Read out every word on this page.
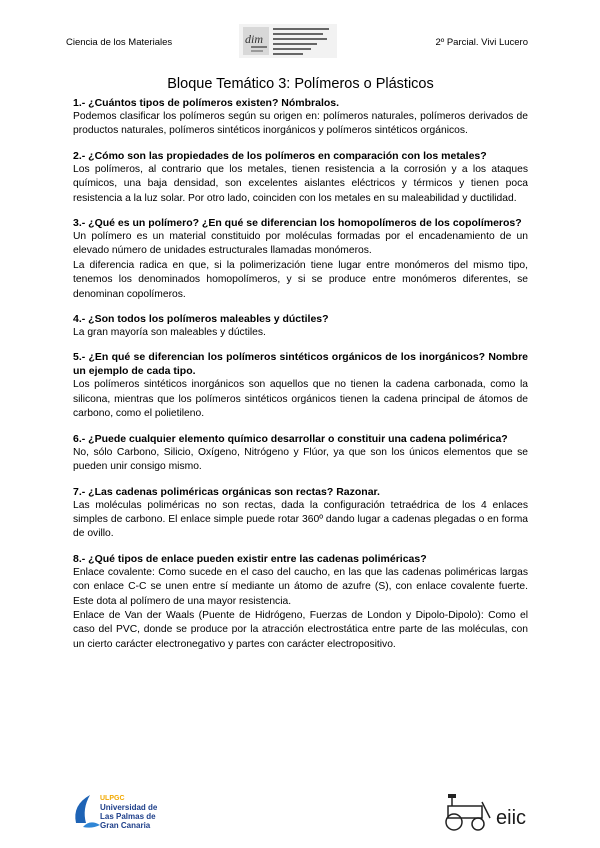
Ciencia de los Materiales	dim
Departamento de Ingeniería Mecánica
2º Parcial. Vivi Lucero
Bloque Temático 3: Polímeros o Plásticos

1.- ¿Cuántos tipos de polímeros existen? Nómbralos.

Podemos clasificar los polímeros según su origen en: polímeros naturales, polímeros derivados de productos naturales, polímeros sintéticos inorgánicos y polímeros sintéticos orgánicos.

2.- ¿Cómo son las propiedades de los polímeros en comparación con los metales?

Los polímeros, al contrario que los metales, tienen resistencia a la corrosión y a los ataques químicos, una baja densidad, son excelentes aislantes eléctricos y térmicos y tienen poca resistencia a la luz solar. Por otro lado, coinciden con los metales en su maleabilidad y ductilidad.

3.- ¿Qué es un polímero? ¿En qué se diferencian los homopolímeros de los copolímeros?

Un polímero es un material constituido por moléculas formadas por el encadenamiento de un elevado número de unidades estructurales llamadas monómeros.

La diferencia radica en que, si la polimerización tiene lugar entre monómeros del mismo tipo, tenemos los denominados homopolímeros, y si se produce entre monómeros diferentes, se denominan copolímeros.

4.- ¿Son todos los polímeros maleables y dúctiles?

La gran mayoría son maleables y dúctiles.

5.- ¿En qué se diferencian los polímeros sintéticos orgánicos de los inorgánicos? Nombre un ejemplo de cada tipo.

Los polímeros sintéticos inorgánicos son aquellos que no tienen la cadena carbonada, como la silicona, mientras que los polímeros sintéticos orgánicos tienen la cadena principal de átomos de carbono, como el polietileno.

6.- ¿Puede cualquier elemento químico desarrollar o constituir una cadena polimérica?

No, sólo Carbono, Silicio, Oxígeno, Nitrógeno y Flúor, ya que son los únicos elementos que se pueden unir consigo mismo.

7.- ¿Las cadenas poliméricas orgánicas son rectas? Razonar.

Las moléculas poliméricas no son rectas, dada la configuración tetraédrica de los 4 enlaces simples de carbono. El enlace simple puede rotar 360º dando lugar a cadenas plegadas o en forma de ovillo.

8.- ¿Qué tipos de enlace pueden existir entre las cadenas poliméricas?

Enlace covalente: Como sucede en el caso del caucho, en las que las cadenas poliméricas largas con enlace C-C se unen entre sí mediante un átomo de azufre (S), con enlace covalente fuerte. Este dota al polímero de una mayor resistencia.

Enlace de Van der Waals (Puente de Hidrógeno, Fuerzas de London y Dipolo-Dipolo): Como el caso del PVC, donde se produce por la atracción electrostática entre parte de las moléculas, con un cierto carácter electronegativo y partes con carácter electropositivo.

ULPGC
Universidad de
Las Palmas de
Gran Canaria	eiic
